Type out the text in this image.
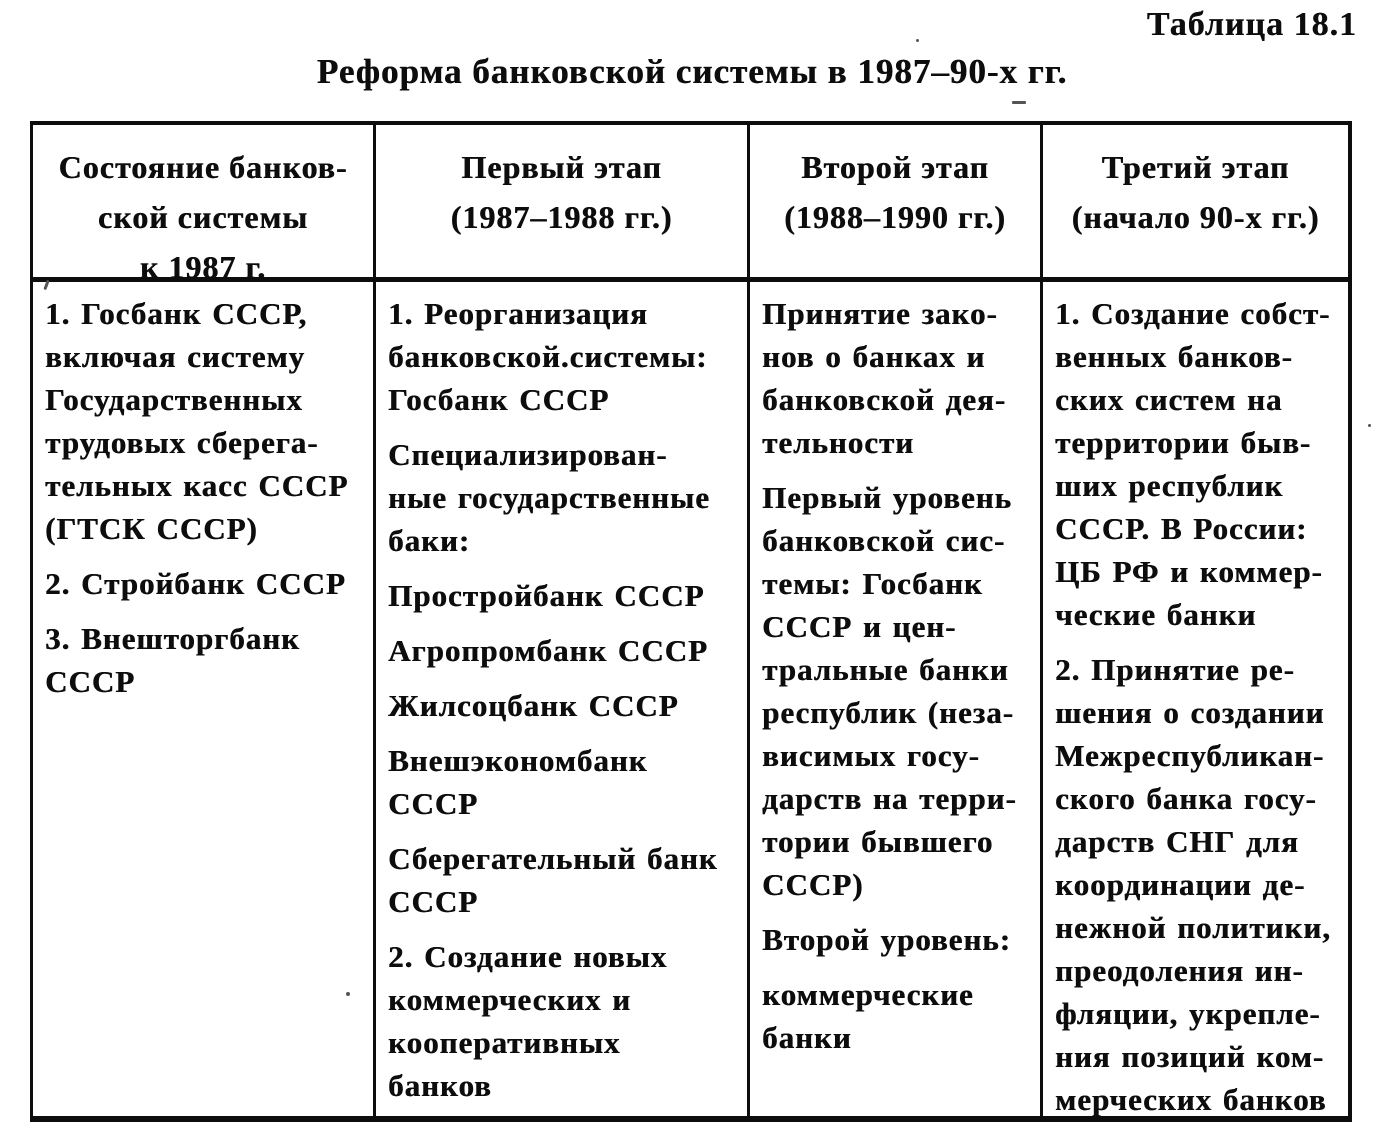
Таблица 18.1
Реформа банковской системы в 1987–90-х гг.
Состояние банков-
ской системы
к 1987 г.
Первый этап
(1987–1988 гг.)
Второй этап
(1988–1990 гг.)
Третий этап
(начало 90-х гг.)
1. Госбанк СССР,
включая систему
Государственных
трудовых сберега-
тельных касс СССР
(ГТСК СССР)
2. Стройбанк СССР
3. Внешторгбанк
СССР
1. Реорганизация
банковской.системы:
Госбанк СССР
Специализирован-
ные государственные
баки:
Простройбанк СССР
Агропромбанк СССР
Жилсоцбанк СССР
Внешэкономбанк
СССР
Сберегательный банк
СССР
2. Создание новых
коммерческих и
кооперативных
банков
Принятие зако-
нов о банках и
банковской дея-
тельности
Первый уровень
банковской сис-
темы: Госбанк
СССР и цен-
тральные банки
республик (неза-
висимых госу-
дарств на терри-
тории бывшего
СССР)
Второй уровень:
коммерческие
банки
1. Создание собст-
венных банков-
ских систем на
территории быв-
ших республик
СССР. В России:
ЦБ РФ и коммер-
ческие банки
2. Принятие ре-
шения о создании
Межреспубликан-
ского банка госу-
дарств СНГ для
координации де-
нежной политики,
преодоления ин-
фляции, укрепле-
ния позиций ком-
мерческих банков
